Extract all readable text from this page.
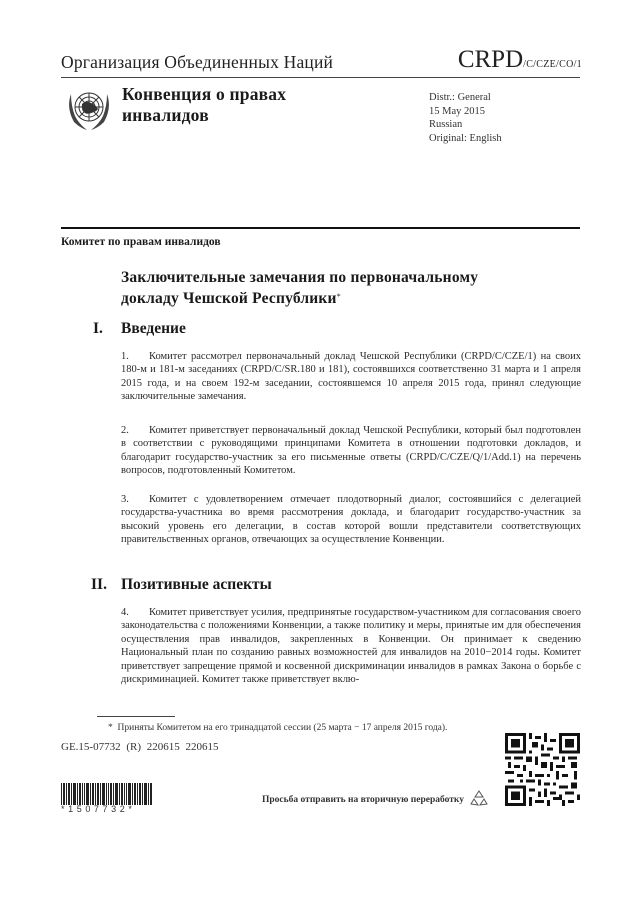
Организация Объединенных Наций	CRPD/C/CZE/CO/1
Конвенция о правах
инвалидов
Distr.: General
15 May 2015
Russian
Original: English
Комитет по правам инвалидов
Заключительные замечания по первоначальному
докладу Чешской Республики*
I. Введение
1. Комитет рассмотрел первоначальный доклад Чешской Республики (CRPD/C/CZE/1) на своих 180-м и 181-м заседаниях (CRPD/C/SR.180 и 181), состоявшихся соответственно 31 марта и 1 апреля 2015 года, и на своем 192-м заседании, состоявшемся 10 апреля 2015 года, принял следующие заключительные замечания.
2. Комитет приветствует первоначальный доклад Чешской Республики, который был подготовлен в соответствии с руководящими принципами Комитета в отношении подготовки докладов, и благодарит государство-участник за его письменные ответы (CRPD/C/CZE/Q/1/Add.1) на перечень вопросов, подготовленный Комитетом.
3. Комитет с удовлетворением отмечает плодотворный диалог, состоявшийся с делегацией государства-участника во время рассмотрения доклада, и благодарит государство-участник за высокий уровень его делегации, в состав которой вошли представители соответствующих правительственных органов, отвечающих за осуществление Конвенции.
II. Позитивные аспекты
4. Комитет приветствует усилия, предпринятые государством-участником для согласования своего законодательства с положениями Конвенции, а также политику и меры, принятые им для обеспечения осуществления прав инвалидов, закрепленных в Конвенции. Он принимает к сведению Национальный план по созданию равных возможностей для инвалидов на 2010−2014 годы. Комитет приветствует запрещение прямой и косвенной дискриминации инвалидов в рамках Закона о борьбе с дискриминацией. Комитет также приветствует вклю-
* Приняты Комитетом на его тринадцатой сессии (25 марта − 17 апреля 2015 года).
GE.15-07732 (R) 220615 220615
*1507732*
Просьба отправить на вторичную переработку
